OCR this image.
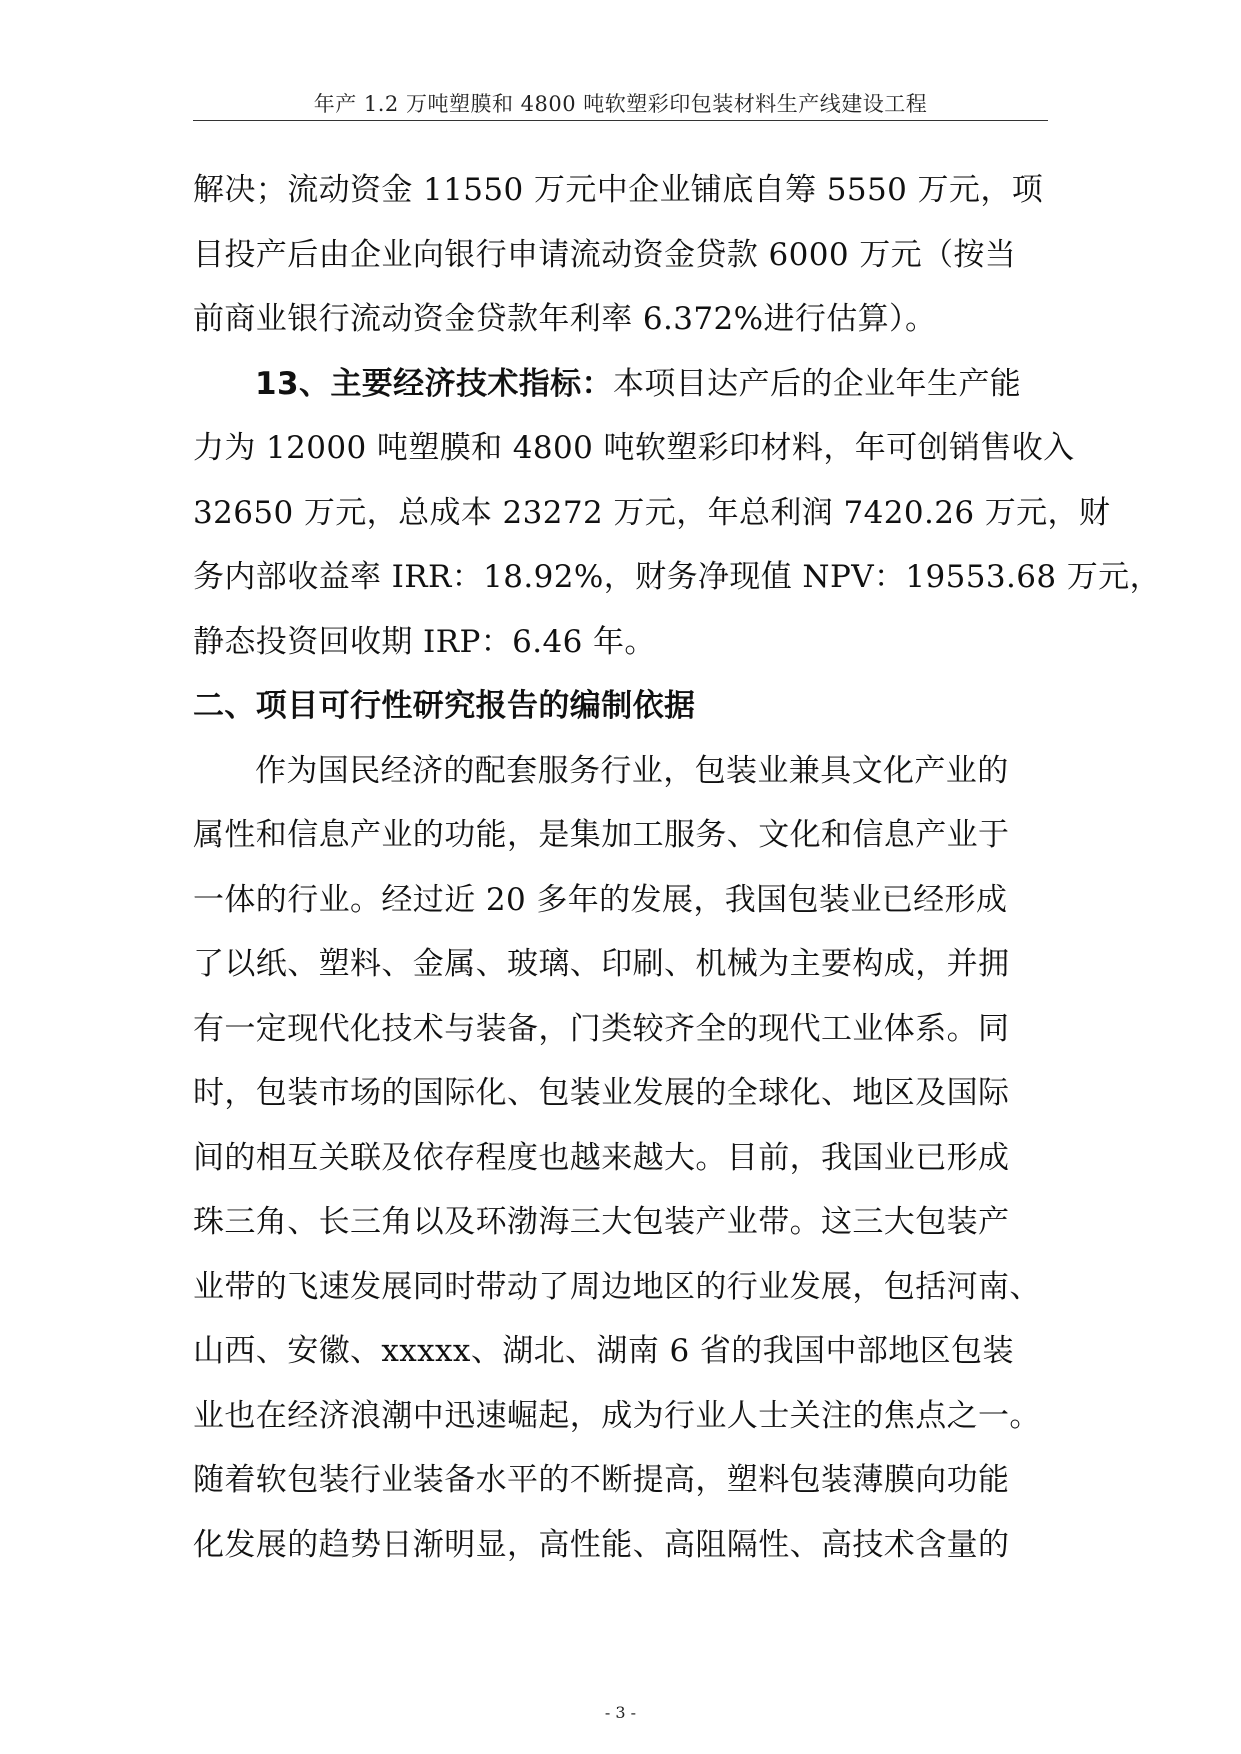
年产 1.2 万吨塑膜和 4800 吨软塑彩印包装材料生产线建设工程
解决；流动资金 11550 万元中企业铺底自筹 5550 万元，项
目投产后由企业向银行申请流动资金贷款 6000 万元（按当
前商业银行流动资金贷款年利率 6.372%进行估算）。
13、主要经济技术指标：本项目达产后的企业年生产能
力为 12000 吨塑膜和 4800 吨软塑彩印材料，年可创销售收入
32650 万元，总成本 23272 万元，年总利润 7420.26 万元，财
务内部收益率 IRR：18.92%，财务净现值 NPV：19553.68 万元，
静态投资回收期 IRP：6.46 年。
二、项目可行性研究报告的编制依据
作为国民经济的配套服务行业，包装业兼具文化产业的
属性和信息产业的功能，是集加工服务、文化和信息产业于
一体的行业。经过近 20 多年的发展，我国包装业已经形成
了以纸、塑料、金属、玻璃、印刷、机械为主要构成，并拥
有一定现代化技术与装备，门类较齐全的现代工业体系。同
时，包装市场的国际化、包装业发展的全球化、地区及国际
间的相互关联及依存程度也越来越大。目前，我国业已形成
珠三角、长三角以及环渤海三大包装产业带。这三大包装产
业带的飞速发展同时带动了周边地区的行业发展，包括河南、
山西、安徽、xxxxx、湖北、湖南 6 省的我国中部地区包装
业也在经济浪潮中迅速崛起，成为行业人士关注的焦点之一。
随着软包装行业装备水平的不断提高，塑料包装薄膜向功能
化发展的趋势日渐明显，高性能、高阻隔性、高技术含量的
- 3 -
